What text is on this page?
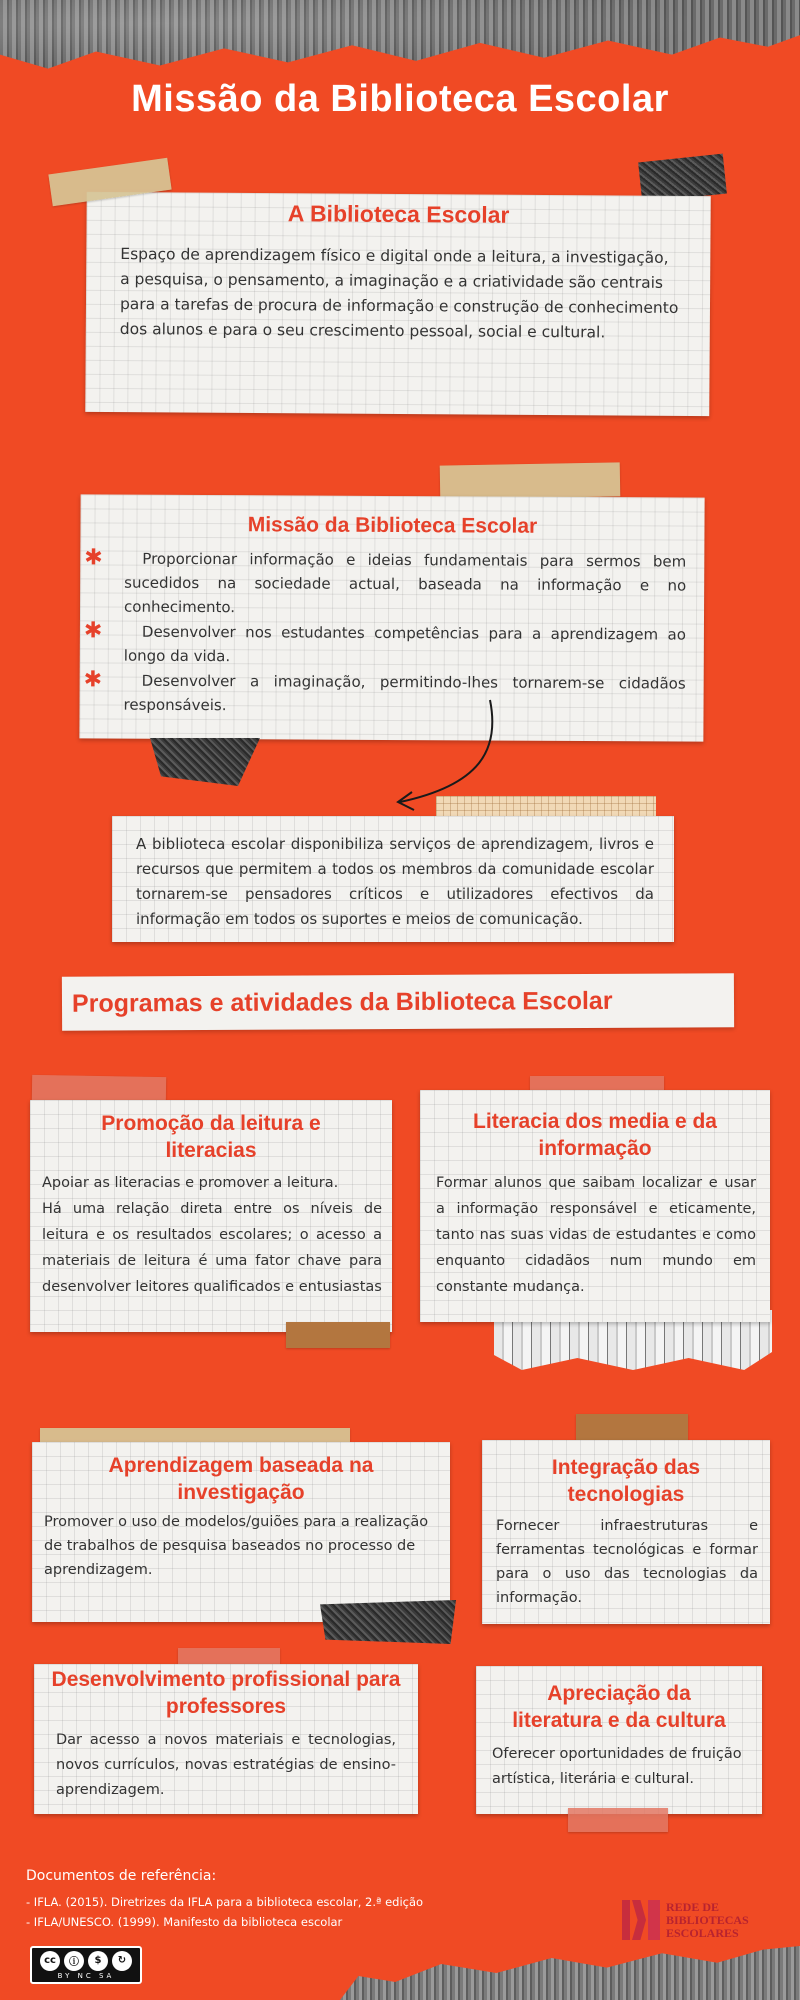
Missão da Biblioteca Escolar
A Biblioteca Escolar

Espaço de aprendizagem físico e digital onde a leitura, a investigação, a pesquisa, o pensamento, a imaginação e a criatividade são centrais para a tarefas de procura de informação e construção de conhecimento dos alunos e para o seu crescimento pessoal, social e cultural.

Missão da Biblioteca Escolar
✱	Proporcionar informação e ideias fundamentais para sermos bem sucedidos na sociedade actual, baseada na informação e no conhecimento.
✱	Desenvolver nos estudantes competências para a aprendizagem ao longo da vida.
✱	Desenvolver a imaginação, permitindo-lhes tornarem-se cidadãos responsáveis.

A biblioteca escolar disponibiliza serviços de aprendizagem, livros e recursos que permitem a todos os membros da comunidade escolar tornarem-se pensadores críticos e utilizadores efectivos da informação em todos os suportes e meios de comunicação.

Programas e atividades da Biblioteca Escolar
Promoção da leitura e literacias

Apoiar as literacias e promover a leitura.

Há uma relação direta entre os níveis de leitura e os resultados escolares; o acesso a materiais de leitura é uma fator chave para desenvolver leitores qualificados e entusiastas

Literacia dos media e da informação

Formar alunos que saibam localizar e usar a informação responsável e eticamente, tanto nas suas vidas de estudantes e como enquanto cidadãos num mundo em constante mudança.

Aprendizagem baseada na investigação

Promover o uso de modelos/guiões para a realização de trabalhos de pesquisa baseados no processo de aprendizagem.

Integração das tecnologias

Fornecer infraestruturas e ferramentas tecnológicas e formar para o uso das tecnologias da informação.

Desenvolvimento profissional para professores

Dar acesso a novos materiais e tecnologias, novos currículos, novas estratégias de ensino- aprendizagem.

Apreciação da literatura e da cultura

Oferecer oportunidades de fruição artística, literária e cultural.

Documentos de referência:
- IFLA. (2015). Diretrizes da IFLA para a biblioteca escolar, 2.ª edição
- IFLA/UNESCO. (1999). Manifesto da biblioteca escolar
REDE DE
BIBLIOTECAS
ESCOLARES
cc	ⓘ	$	↻
BY NC SA
